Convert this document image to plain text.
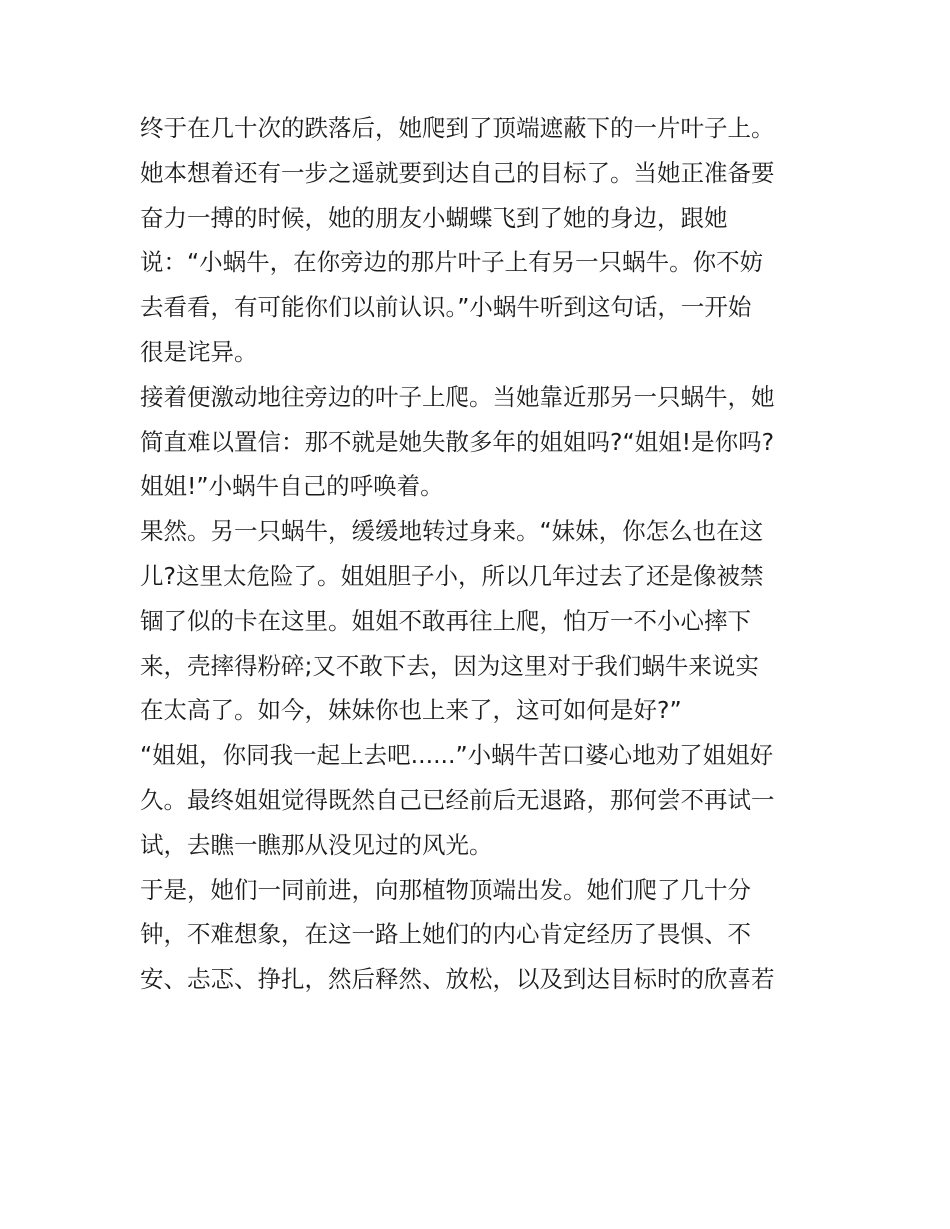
终于在几十次的跌落后，她爬到了顶端遮蔽下的一片叶子上。

她本想着还有一步之遥就要到达自己的目标了。当她正准备要

奋力一搏的时候，她的朋友小蝴蝶飞到了她的身边，跟她

说：“小蜗牛，在你旁边的那片叶子上有另一只蜗牛。你不妨

去看看，有可能你们以前认识。”小蜗牛听到这句话，一开始

很是诧异。

接着便激动地往旁边的叶子上爬。当她靠近那另一只蜗牛，她

简直难以置信：那不就是她失散多年的姐姐吗?“姐姐!是你吗?

姐姐!”小蜗牛自己的呼唤着。

果然。另一只蜗牛，缓缓地转过身来。“妹妹，你怎么也在这

儿?这里太危险了。姐姐胆子小，所以几年过去了还是像被禁

锢了似的卡在这里。姐姐不敢再往上爬，怕万一不小心摔下

来，壳摔得粉碎;又不敢下去，因为这里对于我们蜗牛来说实

在太高了。如今，妹妹你也上来了，这可如何是好?”

“姐姐，你同我一起上去吧......”小蜗牛苦口婆心地劝了姐姐好

久。最终姐姐觉得既然自己已经前后无退路，那何尝不再试一

试，去瞧一瞧那从没见过的风光。

于是，她们一同前进，向那植物顶端出发。她们爬了几十分

钟，不难想象，在这一路上她们的内心肯定经历了畏惧、不

安、忐忑、挣扎，然后释然、放松，以及到达目标时的欣喜若
